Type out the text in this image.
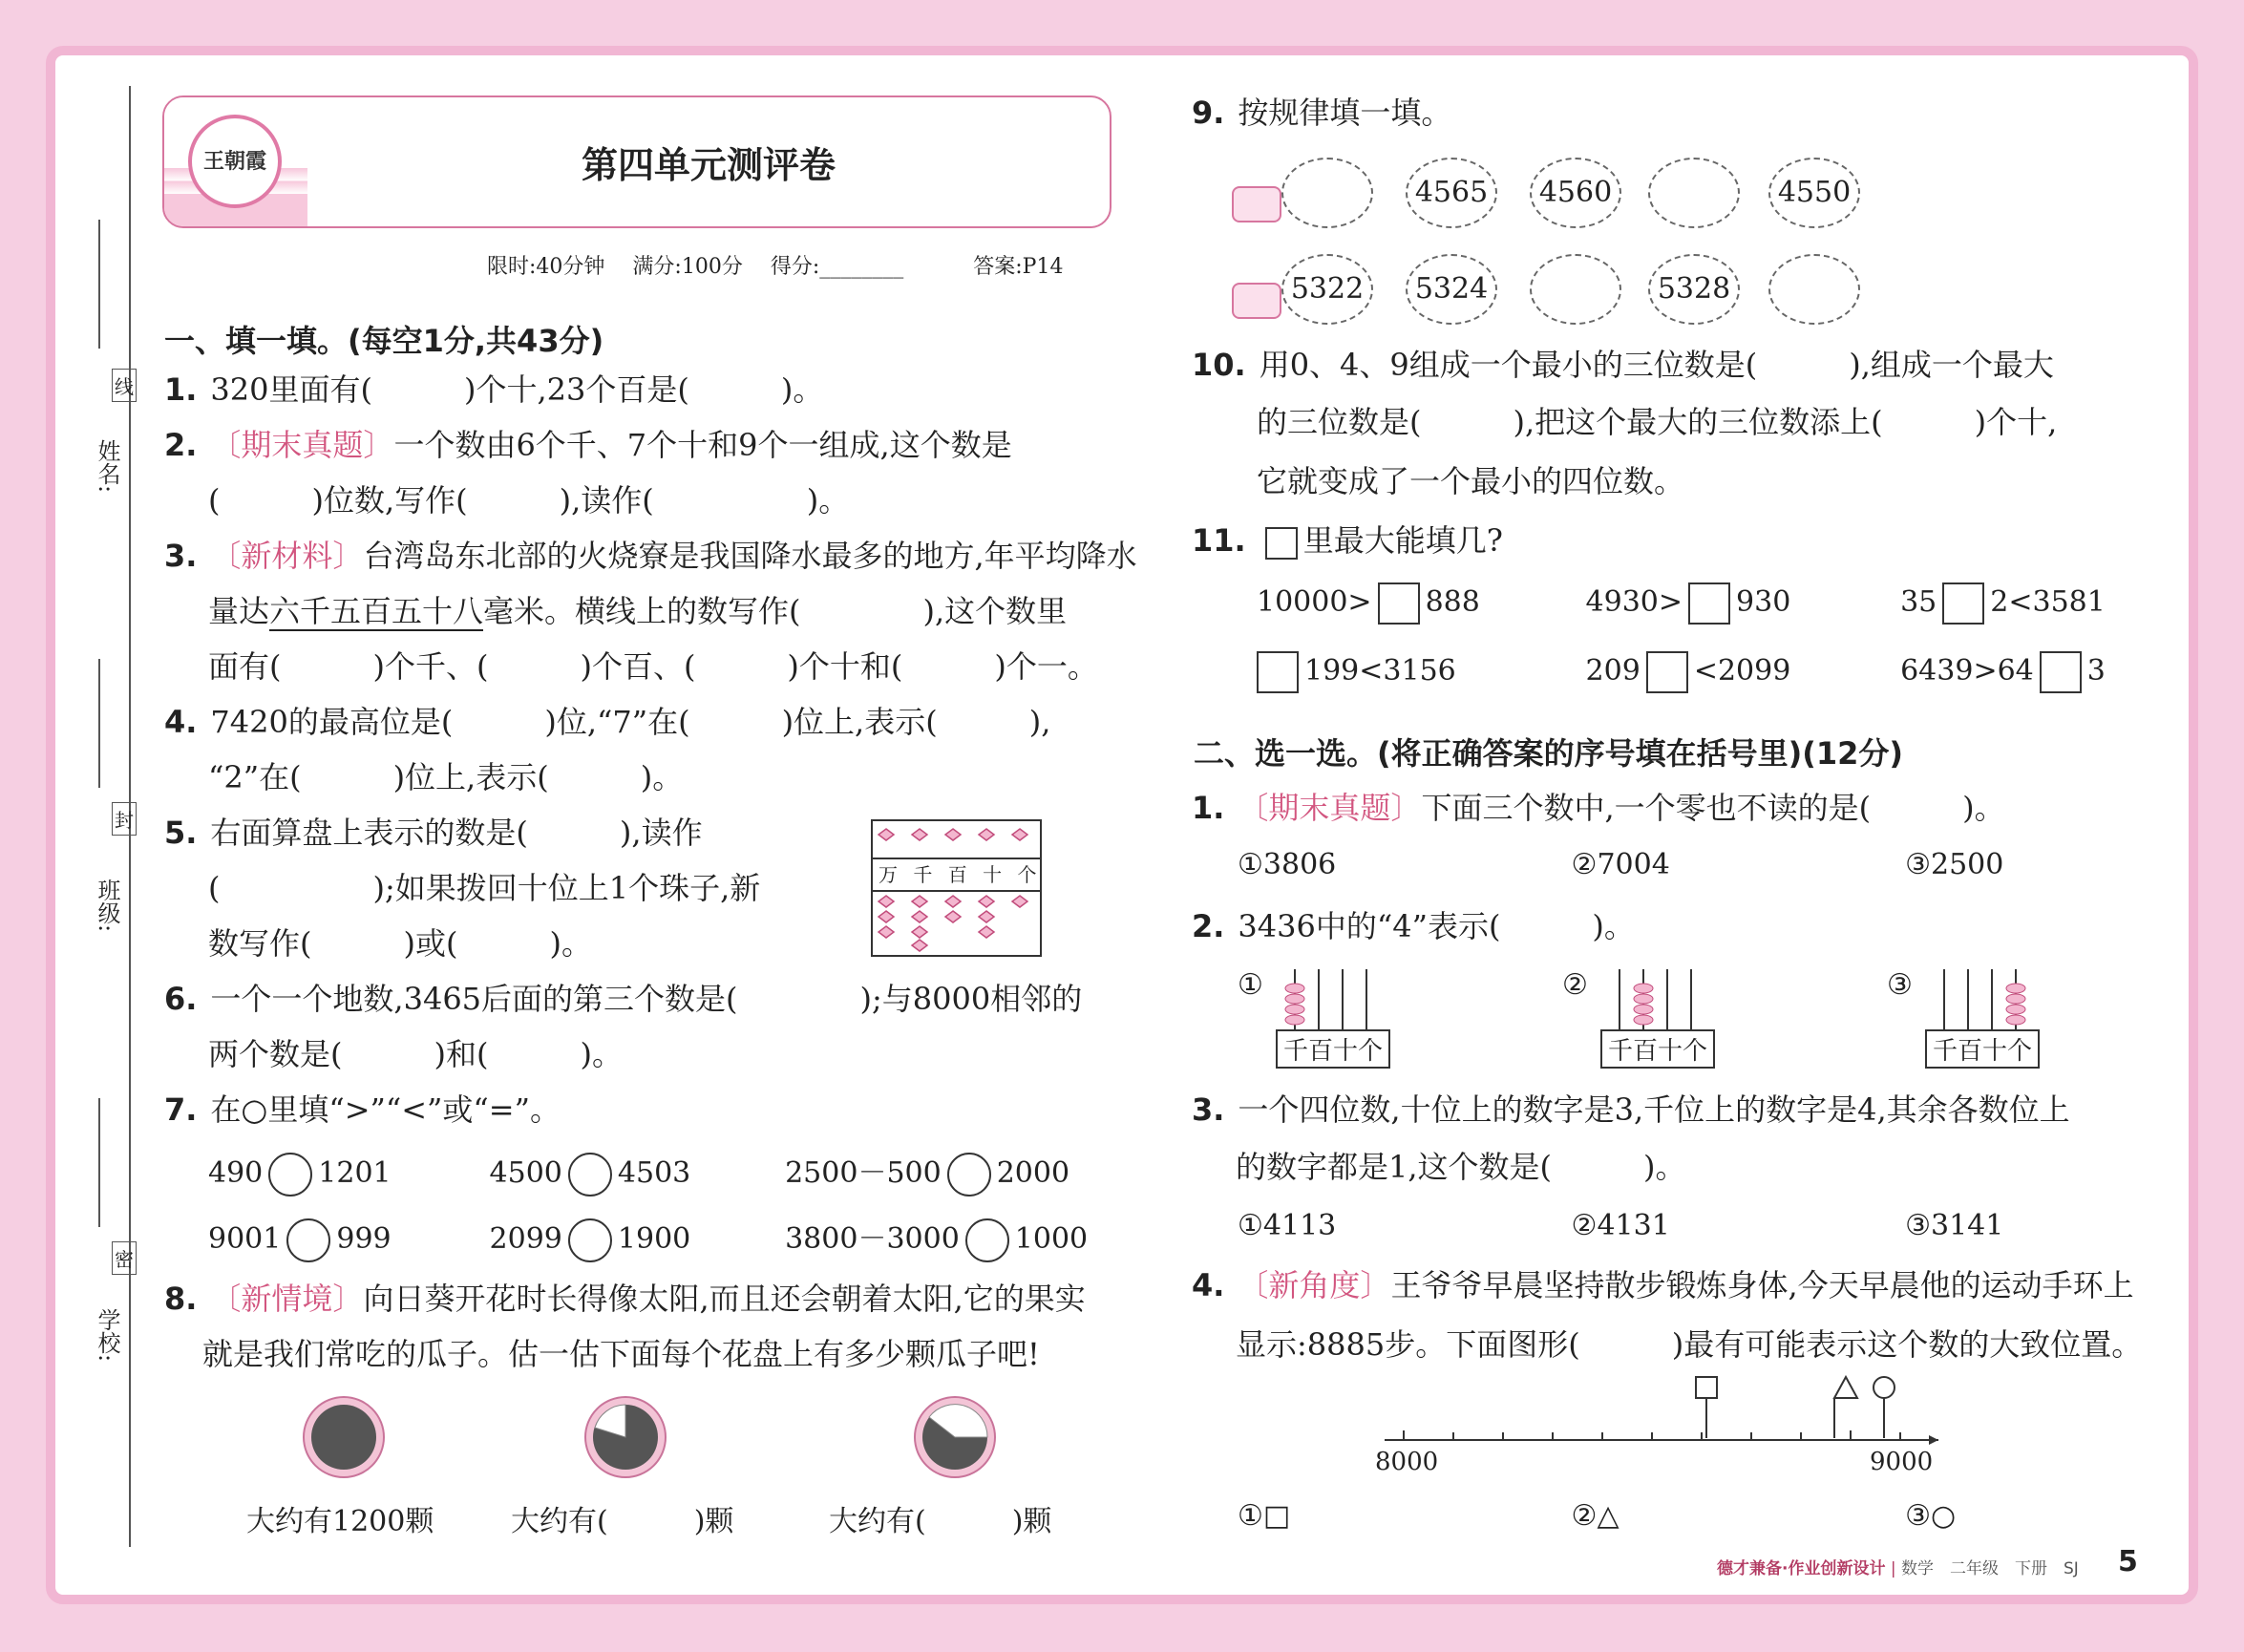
线
姓名:
封
班级:
密
学校:
王朝霞	第四单元测评卷
限时:40分钟　 满分:100分　 得分:________　　　	答案:P14
一、填一填。(每空1分,共43分)
1. 320里面有(　　　)个十,23个百是(　　　)。
2. 〔期末真题〕一个数由6个千、7个十和9个一组成,这个数是
(　　　)位数,写作(　　　),读作(　　　　　)。
3. 〔新材料〕台湾岛东北部的火烧寮是我国降水最多的地方,年平均降水
量达六千五百五十八毫米。横线上的数写作(　　　　),这个数里
面有(　　　)个千、(　　　)个百、(　　　)个十和(　　　)个一。
4. 7420的最高位是(　　　)位,“7”在(　　　)位上,表示(　　　),
“2”在(　　　)位上,表示(　　　)。
5. 右面算盘上表示的数是(　　　),读作
(　　　　　);如果拨回十位上1个珠子,新
数写作(　　　)或(　　　)。
万 千 百 十 个
6. 一个一个地数,3465后面的第三个数是(　　　　);与8000相邻的
两个数是(　　　)和(　　　)。
7. 在○里填“>”“<”或“=”。
490 1201	4500 4503	2500－500 2000
9001 999	2099 1900	3800－3000 1000
8. 〔新情境〕向日葵开花时长得像太阳,而且还会朝着太阳,它的果实
就是我们常吃的瓜子。估一估下面每个花盘上有多少颗瓜子吧!
大约有1200颗	大约有(　　　)颗	大约有(　　　)颗
9. 按规律填一填。
4565	4560	4550
5322	5324	5328
10. 用0、4、9组成一个最小的三位数是(　　　),组成一个最大
的三位数是(　　　),把这个最大的三位数添上(　　　)个十,
它就变成了一个最小的四位数。
11. 里最大能填几?
10000> 888	4930> 930	35 2<3581
199<3156	209 <2099	6439>64 3
二、选一选。(将正确答案的序号填在括号里)(12分)
1. 〔期末真题〕下面三个数中,一个零也不读的是(　　　)。
①3806	②7004	③2500
2. 3436中的“4”表示(　　　)。
①
千百十个
②
千百十个
③
千百十个
3. 一个四位数,十位上的数字是3,千位上的数字是4,其余各数位上
的数字都是1,这个数是(　　　)。
①4113	②4131	③3141
4. 〔新角度〕王爷爷早晨坚持散步锻炼身体,今天早晨他的运动手环上
显示:8885步。下面图形(　　　)最有可能表示这个数的大致位置。
8000	9000
①□	②△	③○
德才兼备·作业创新设计 | 数学　二年级　下册　SJ 5
